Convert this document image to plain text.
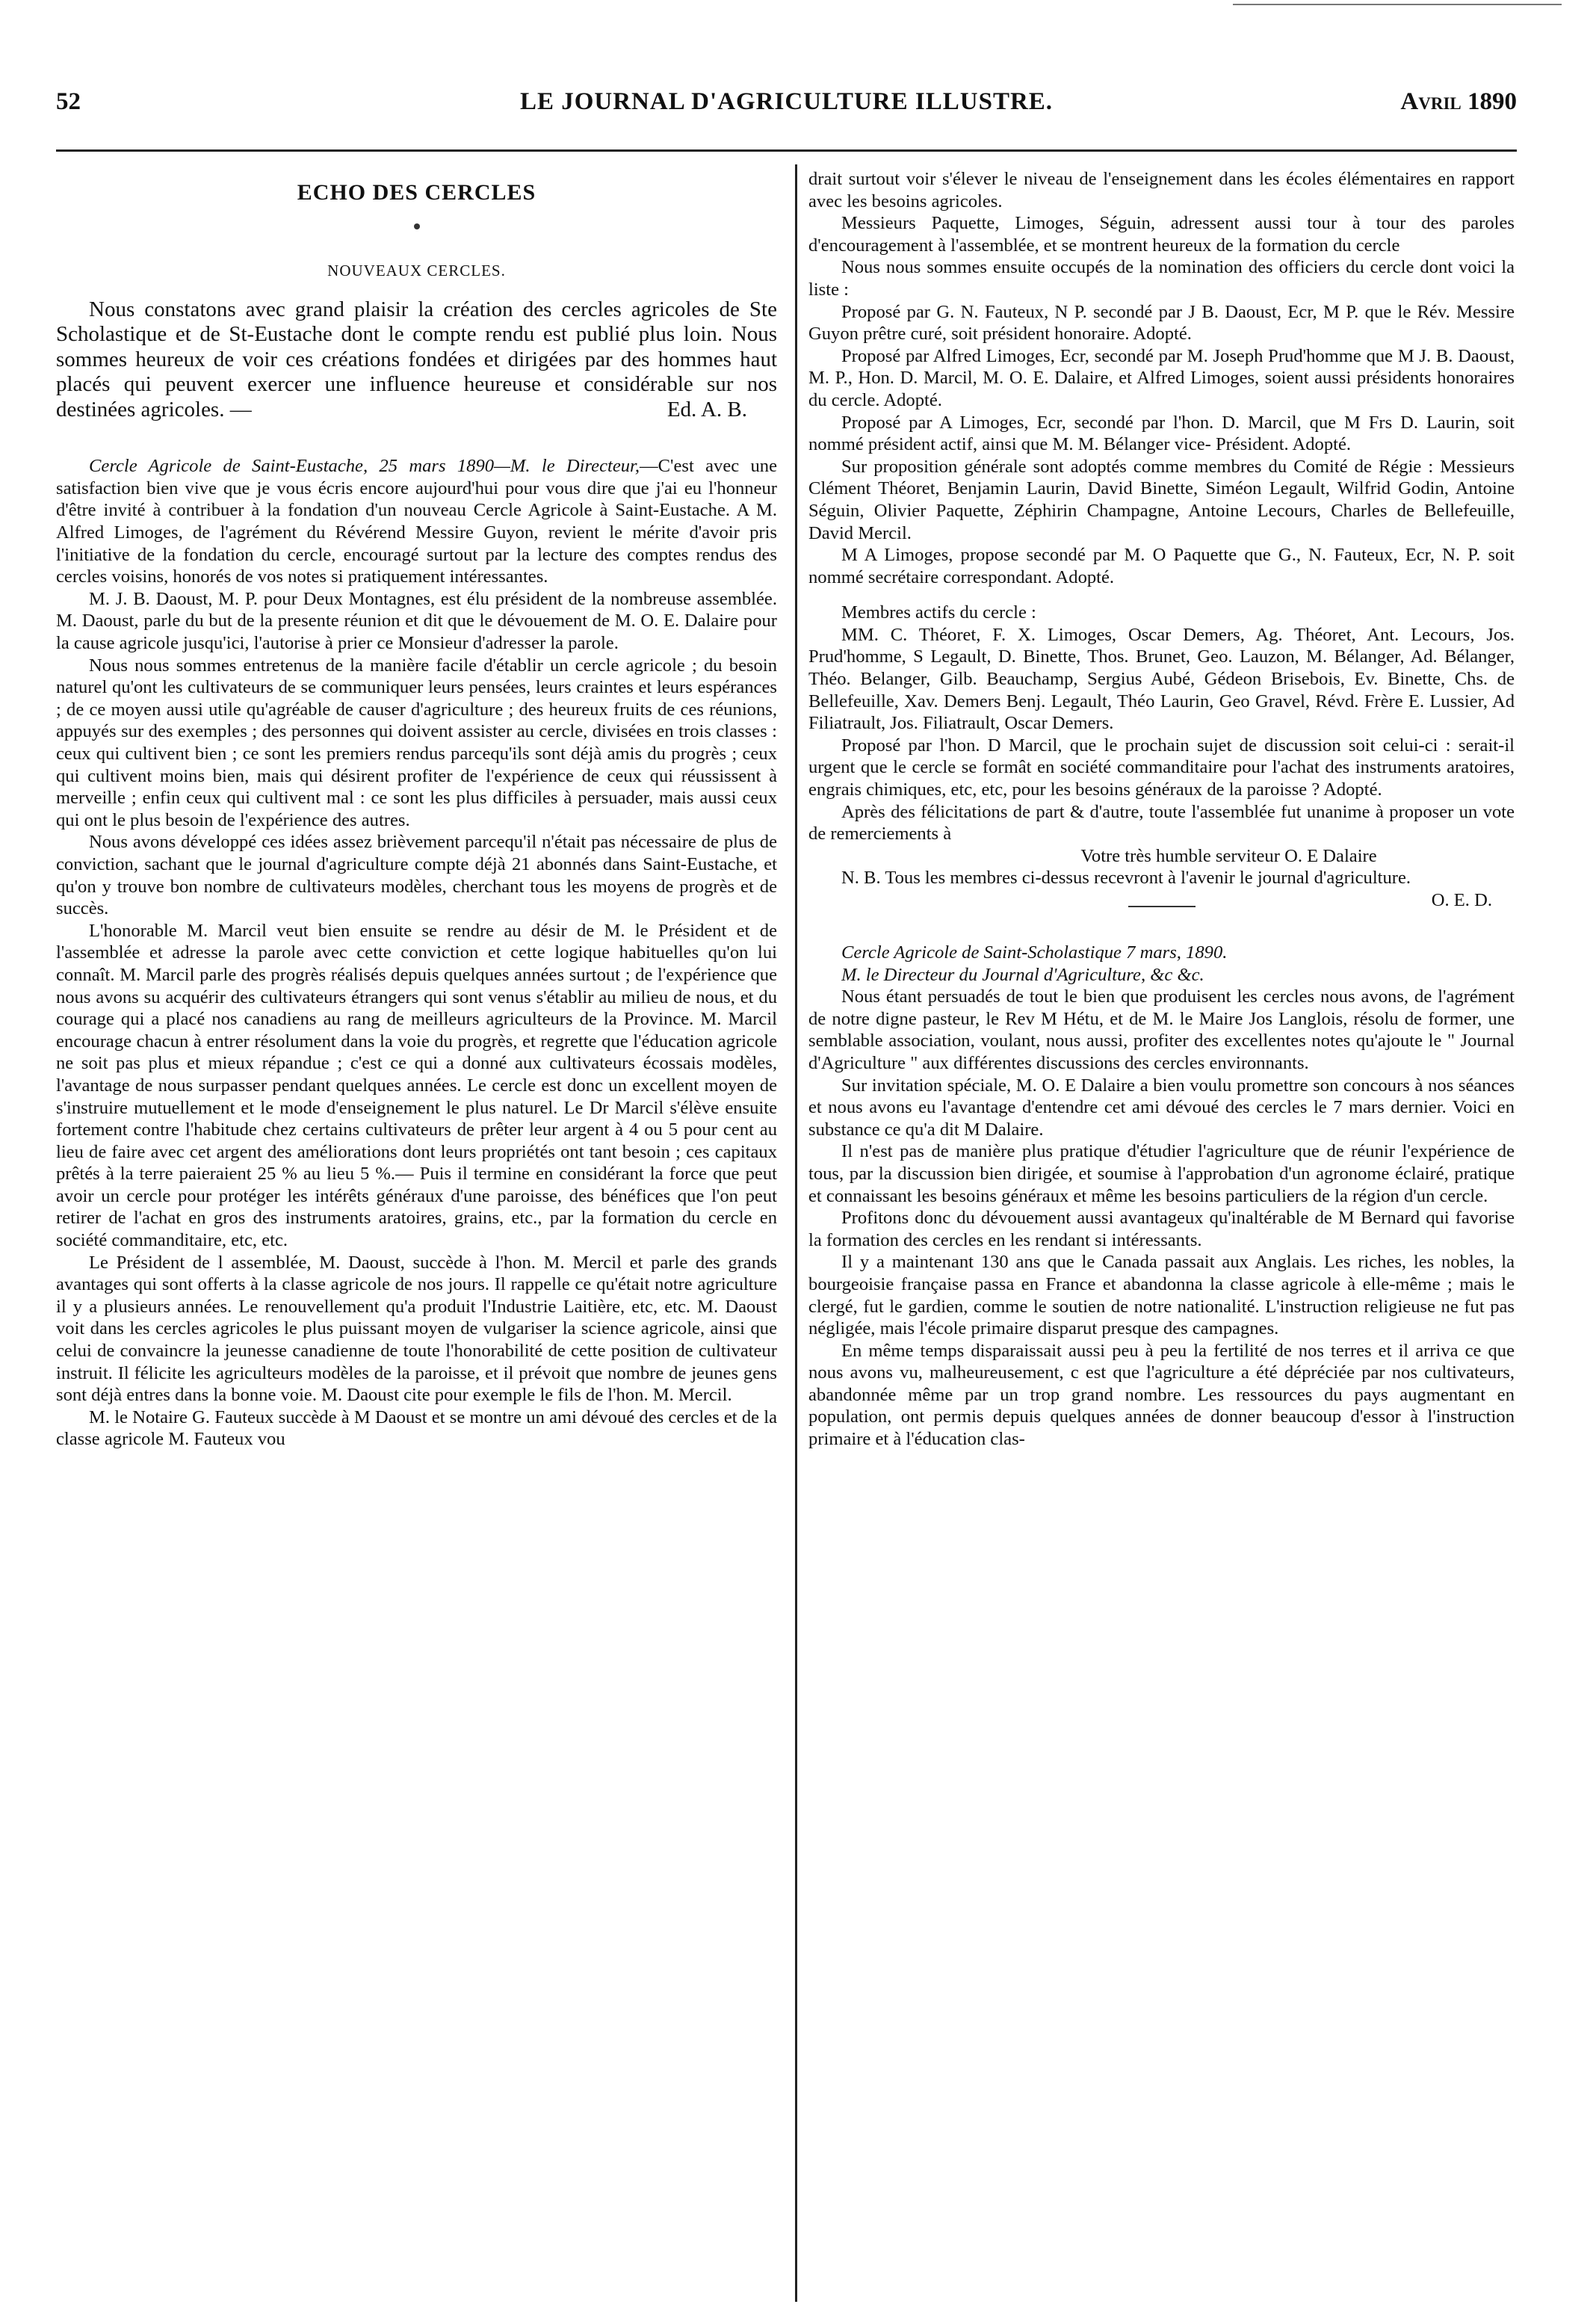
52	LE JOURNAL D'AGRICULTURE ILLUSTRE.	Avril 1890
ECHO DES CERCLES
NOUVEAUX CERCLES.

Nous constatons avec grand plaisir la création des cercles agricoles de Ste Scholastique et de St-Eustache dont le compte rendu est publié plus loin. Nous sommes heureux de voir ces créations fondées et dirigées par des hommes haut placés qui peuvent exercer une influence heureuse et considérable sur nos destinées agricoles. —	Ed. A. B.

Cercle Agricole de Saint-Eustache, 25 mars 1890—M. le Directeur,—C'est avec une satisfaction bien vive que je vous écris encore aujourd'hui pour vous dire que j'ai eu l'honneur d'être invité à contribuer à la fondation d'un nouveau Cercle Agricole à Saint-Eustache. A M. Alfred Limoges, de l'agrément du Révérend Messire Guyon, revient le mérite d'avoir pris l'initiative de la fondation du cercle, encouragé surtout par la lecture des comptes rendus des cercles voisins, honorés de vos notes si pratiquement intéressantes.

M. J. B. Daoust, M. P. pour Deux Montagnes, est élu président de la nombreuse assemblée. M. Daoust, parle du but de la presente réunion et dit que le dévouement de M. O. E. Dalaire pour la cause agricole jusqu'ici, l'autorise à prier ce Monsieur d'adresser la parole.

Nous nous sommes entretenus de la manière facile d'établir un cercle agricole ; du besoin naturel qu'ont les cultivateurs de se communiquer leurs pensées, leurs craintes et leurs espérances ; de ce moyen aussi utile qu'agréable de causer d'agriculture ; des heureux fruits de ces réunions, appuyés sur des exemples ; des personnes qui doivent assister au cercle, divisées en trois classes : ceux qui cultivent bien ; ce sont les premiers rendus parcequ'ils sont déjà amis du progrès ; ceux qui cultivent moins bien, mais qui désirent profiter de l'expérience de ceux qui réussissent à merveille ; enfin ceux qui cultivent mal : ce sont les plus difficiles à persuader, mais aussi ceux qui ont le plus besoin de l'expérience des autres.

Nous avons développé ces idées assez brièvement parcequ'il n'était pas nécessaire de plus de conviction, sachant que le journal d'agriculture compte déjà 21 abonnés dans Saint-Eustache, et qu'on y trouve bon nombre de cultivateurs modèles, cherchant tous les moyens de progrès et de succès.

L'honorable M. Marcil veut bien ensuite se rendre au désir de M. le Président et de l'assemblée et adresse la parole avec cette conviction et cette logique habituelles qu'on lui connaît. M. Marcil parle des progrès réalisés depuis quelques années surtout ; de l'expérience que nous avons su acquérir des cultivateurs étrangers qui sont venus s'établir au milieu de nous, et du courage qui a placé nos canadiens au rang de meilleurs agriculteurs de la Province. M. Marcil encourage chacun à entrer résolument dans la voie du progrès, et regrette que l'éducation agricole ne soit pas plus et mieux répandue ; c'est ce qui a donné aux cultivateurs écossais modèles, l'avantage de nous surpasser pendant quelques années. Le cercle est donc un excellent moyen de s'instruire mutuellement et le mode d'enseignement le plus naturel. Le Dr Marcil s'élève ensuite fortement contre l'habitude chez certains cultivateurs de prêter leur argent à 4 ou 5 pour cent au lieu de faire avec cet argent des améliorations dont leurs propriétés ont tant besoin ; ces capitaux prêtés à la terre paieraient 25 % au lieu 5 %.— Puis il termine en considérant la force que peut avoir un cercle pour protéger les intérêts généraux d'une paroisse, des bénéfices que l'on peut retirer de l'achat en gros des instruments aratoires, grains, etc., par la formation du cercle en société commanditaire, etc, etc.

Le Président de l assemblée, M. Daoust, succède à l'hon. M. Mercil et parle des grands avantages qui sont offerts à la classe agricole de nos jours. Il rappelle ce qu'était notre agriculture il y a plusieurs années. Le renouvellement qu'a produit l'Industrie Laitière, etc, etc. M. Daoust voit dans les cercles agricoles le plus puissant moyen de vulgariser la science agricole, ainsi que celui de convaincre la jeunesse canadienne de toute l'honorabilité de cette position de cultivateur instruit. Il félicite les agriculteurs modèles de la paroisse, et il prévoit que nombre de jeunes gens sont déjà entres dans la bonne voie. M. Daoust cite pour exemple le fils de l'hon. M. Mercil.

M. le Notaire G. Fauteux succède à M Daoust et se montre un ami dévoué des cercles et de la classe agricole M. Fauteux vou

drait surtout voir s'élever le niveau de l'enseignement dans les écoles élémentaires en rapport avec les besoins agricoles.

Messieurs Paquette, Limoges, Séguin, adressent aussi tour à tour des paroles d'encouragement à l'assemblée, et se montrent heureux de la formation du cercle

Nous nous sommes ensuite occupés de la nomination des officiers du cercle dont voici la liste :

Proposé par G. N. Fauteux, N P. secondé par J B. Daoust, Ecr, M P. que le Rév. Messire Guyon prêtre curé, soit président honoraire. Adopté.

Proposé par Alfred Limoges, Ecr, secondé par M. Joseph Prud'homme que M J. B. Daoust, M. P., Hon. D. Marcil, M. O. E. Dalaire, et Alfred Limoges, soient aussi présidents honoraires du cercle. Adopté.

Proposé par A Limoges, Ecr, secondé par l'hon. D. Marcil, que M Frs D. Laurin, soit nommé président actif, ainsi que M. M. Bélanger vice- Président. Adopté.

Sur proposition générale sont adoptés comme membres du Comité de Régie : Messieurs Clément Théoret, Benjamin Laurin, David Binette, Siméon Legault, Wilfrid Godin, Antoine Séguin, Olivier Paquette, Zéphirin Champagne, Antoine Lecours, Charles de Bellefeuille, David Mercil.

M A Limoges, propose secondé par M. O Paquette que G., N. Fauteux, Ecr, N. P. soit nommé secrétaire correspondant. Adopté.

Membres actifs du cercle :

MM. C. Théoret, F. X. Limoges, Oscar Demers, Ag. Théoret, Ant. Lecours, Jos. Prud'homme, S Legault, D. Binette, Thos. Brunet, Geo. Lauzon, M. Bélanger, Ad. Bélanger, Théo. Belanger, Gilb. Beauchamp, Sergius Aubé, Gédeon Brisebois, Ev. Binette, Chs. de Bellefeuille, Xav. Demers Benj. Legault, Théo Laurin, Geo Gravel, Révd. Frère E. Lussier, Ad Filiatrault, Jos. Filiatrault, Oscar Demers.

Proposé par l'hon. D Marcil, que le prochain sujet de discussion soit celui-ci : serait-il urgent que le cercle se formât en société commanditaire pour l'achat des instruments aratoires, engrais chimiques, etc, etc, pour les besoins généraux de la paroisse ? Adopté.

Après des félicitations de part & d'autre, toute l'assemblée fut unanime à proposer un vote de remerciements à

Votre très humble serviteur O. E Dalaire

N. B. Tous les membres ci-dessus recevront à l'avenir le journal d'agriculture.
O. E. D.

Cercle Agricole de Saint-Scholastique 7 mars, 1890.

M. le Directeur du Journal d'Agriculture, &c &c.

Nous étant persuadés de tout le bien que produisent les cercles nous avons, de l'agrément de notre digne pasteur, le Rev M Hétu, et de M. le Maire Jos Langlois, résolu de former, une semblable association, voulant, nous aussi, profiter des excellentes notes qu'ajoute le " Journal d'Agriculture " aux différentes discussions des cercles environnants.

Sur invitation spéciale, M. O. E Dalaire a bien voulu promettre son concours à nos séances et nous avons eu l'avantage d'entendre cet ami dévoué des cercles le 7 mars dernier. Voici en substance ce qu'a dit M Dalaire.

Il n'est pas de manière plus pratique d'étudier l'agriculture que de réunir l'expérience de tous, par la discussion bien dirigée, et soumise à l'approbation d'un agronome éclairé, pratique et connaissant les besoins généraux et même les besoins particuliers de la région d'un cercle.

Profitons donc du dévouement aussi avantageux qu'inaltérable de M Bernard qui favorise la formation des cercles en les rendant si intéressants.

Il y a maintenant 130 ans que le Canada passait aux Anglais. Les riches, les nobles, la bourgeoisie française passa en France et abandonna la classe agricole à elle-même ; mais le clergé, fut le gardien, comme le soutien de notre nationalité. L'instruction religieuse ne fut pas négligée, mais l'école primaire disparut presque des campagnes.

En même temps disparaissait aussi peu à peu la fertilité de nos terres et il arriva ce que nous avons vu, malheureusement, c est que l'agriculture a été dépréciée par nos cultivateurs, abandonnée même par un trop grand nombre. Les ressources du pays augmentant en population, ont permis depuis quelques années de donner beaucoup d'essor à l'instruction primaire et à l'éducation clas-
